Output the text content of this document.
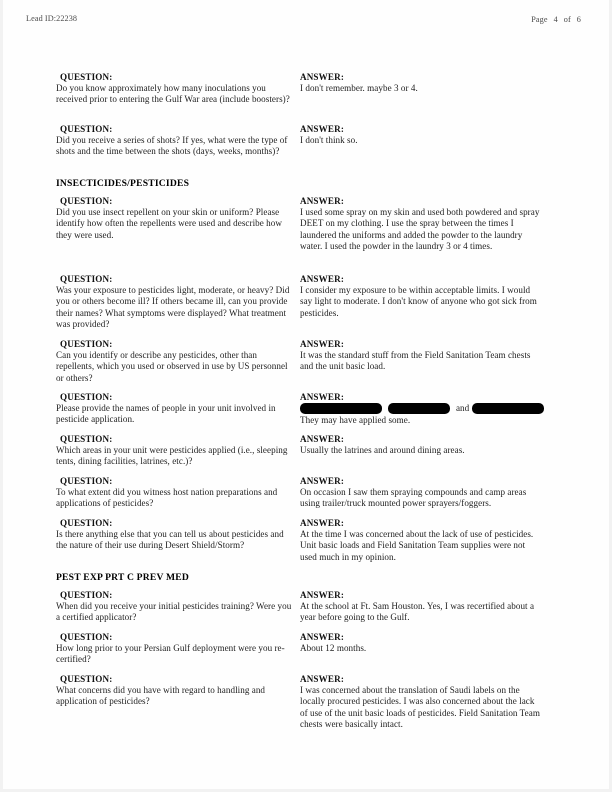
Lead ID:22238	Page 4 of 6
QUESTION:

Do you know approximately how many inoculations you received prior to entering the Gulf War area (include boosters)?

QUESTION:

Did you receive a series of shots? If yes, what were the type of shots and the time between the shots (days, weeks, months)?

INSECTICIDES/PESTICIDES
QUESTION:

Did you use insect repellent on your skin or uniform? Please identify how often the repellents were used and describe how they were used.

QUESTION:

Was your exposure to pesticides light, moderate, or heavy? Did you or others become ill? If others became ill, can you provide their names? What symptoms were displayed? What treatment was provided?

QUESTION:

Can you identify or describe any pesticides, other than repellents, which you used or observed in use by US personnel or others?

QUESTION:

Please provide the names of people in your unit involved in pesticide application.

QUESTION:

Which areas in your unit were pesticides applied (i.e., sleeping tents, dining facilities, latrines, etc.)?

QUESTION:

To what extent did you witness host nation preparations and applications of pesticides?

QUESTION:

Is there anything else that you can tell us about pesticides and the nature of their use during Desert Shield/Storm?

PEST EXP PRT C PREV MED
QUESTION:

When did you receive your initial pesticides training? Were you a certified applicator?

QUESTION:

How long prior to your Persian Gulf deployment were you re-certified?

QUESTION:

What concerns did you have with regard to handling and application of pesticides?

ANSWER:

I don't remember. maybe 3 or 4.

ANSWER:

I don't think so.

ANSWER:

I used some spray on my skin and used both powdered and spray DEET on my clothing. I use the spray between the times I laundered the uniforms and added the powder to the laundry water. I used the powder in the laundry 3 or 4 times.

ANSWER:

I consider my exposure to be within acceptable limits. I would say light to moderate. I don't know of anyone who got sick from pesticides.

ANSWER:

It was the standard stuff from the Field Sanitation Team chests and the unit basic load.

ANSWER:
and

They may have applied some.

ANSWER:

Usually the latrines and around dining areas.

ANSWER:

On occasion I saw them spraying compounds and camp areas using trailer/truck mounted power sprayers/foggers.

ANSWER:

At the time I was concerned about the lack of use of pesticides. Unit basic loads and Field Sanitation Team supplies were not used much in my opinion.

ANSWER:

At the school at Ft. Sam Houston. Yes, I was recertified about a year before going to the Gulf.

ANSWER:

About 12 months.

ANSWER:

I was concerned about the translation of Saudi labels on the locally procured pesticides. I was also concerned about the lack of use of the unit basic loads of pesticides. Field Sanitation Team chests were basically intact.
